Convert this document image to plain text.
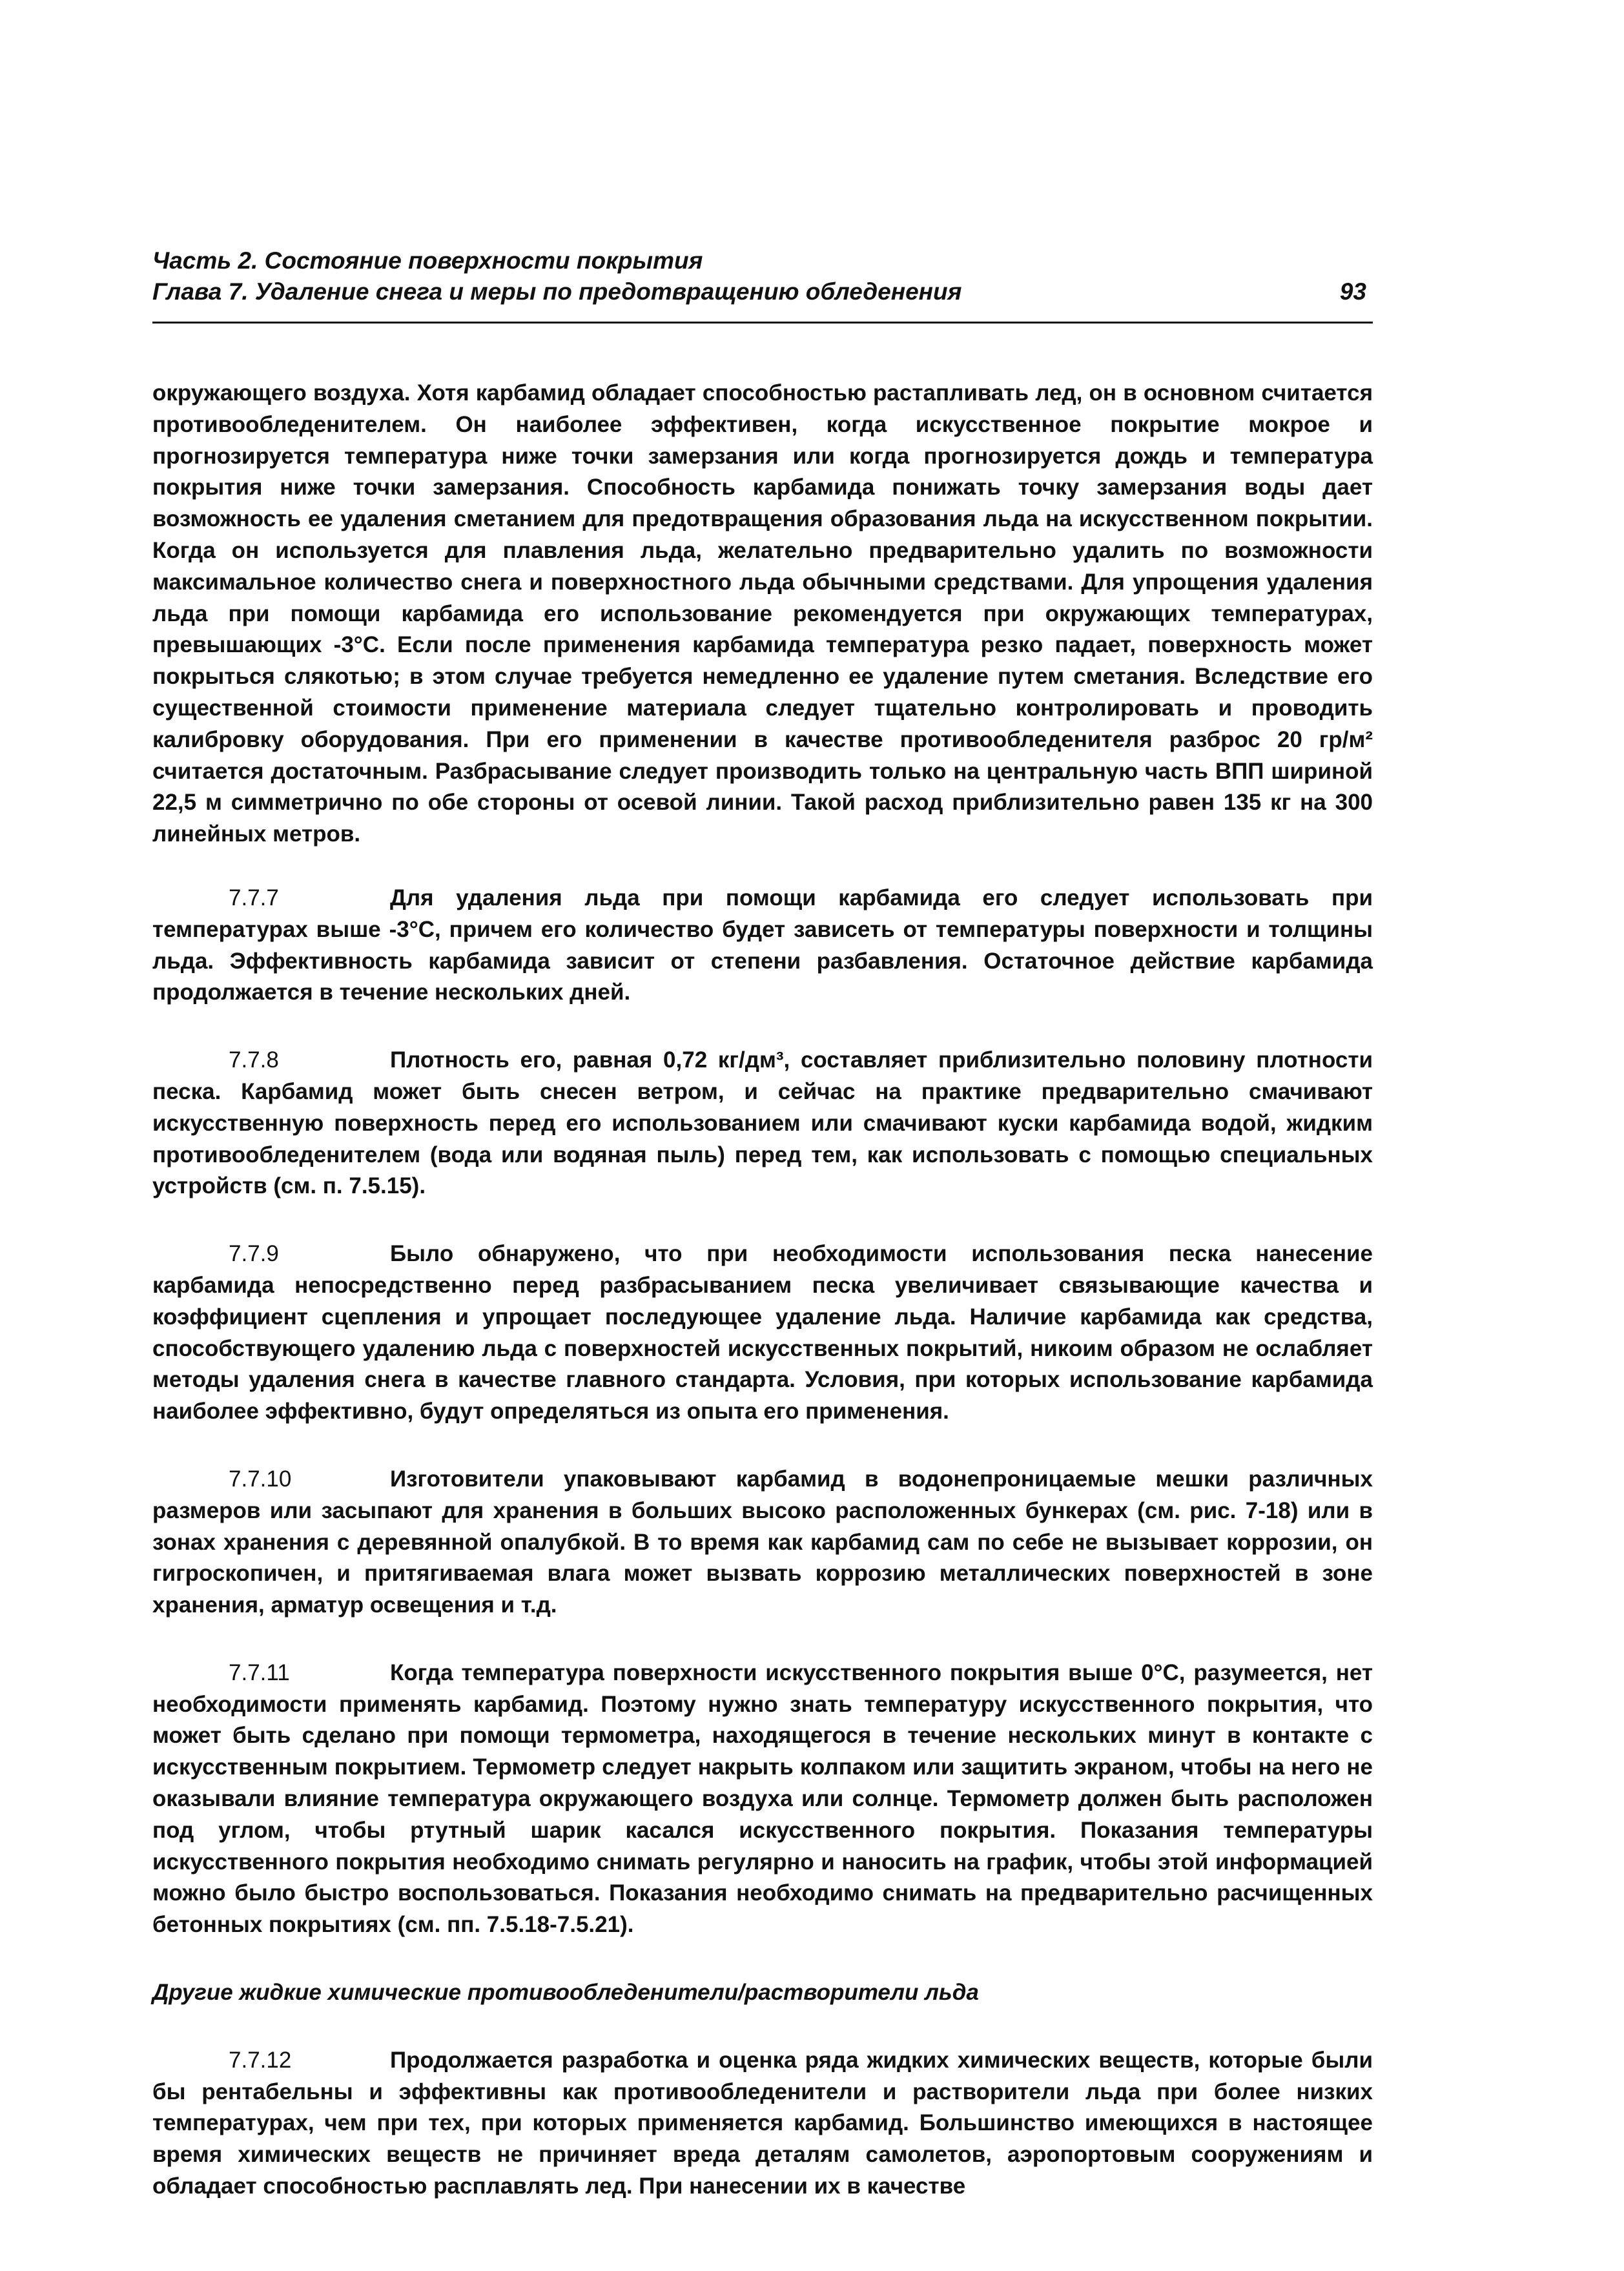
Часть 2. Состояние поверхности покрытия
Глава 7. Удаление снега и меры по предотвращению обледенения	93

окружающего воздуха. Хотя карбамид обладает способностью растапливать лед, он в основном считается противообледенителем. Он наиболее эффективен, когда искусственное покрытие мокрое и прогнозируется температура ниже точки замерзания или когда прогнозируется дождь и температура покрытия ниже точки замерзания. Способность карбамида понижать точку замерзания воды дает возможность ее удаления сметанием для предотвращения образования льда на искусственном покрытии. Когда он используется для плавления льда, желательно предварительно удалить по возможности максимальное количество снега и поверхностного льда обычными средствами. Для упрощения удаления льда при помощи карбамида его использование рекомендуется при окружающих температурах, превышающих -3°С. Если после применения карбамида температура резко падает, поверхность может покрыться слякотью; в этом случае требуется немедленно ее удаление путем сметания. Вследствие его существенной стоимости применение материала следует тщательно контролировать и проводить калибровку оборудования. При его применении в качестве противообледенителя разброс 20 гр/м² считается достаточным. Разбрасывание следует производить только на центральную часть ВПП шириной 22,5 м симметрично по обе стороны от осевой линии. Такой расход приблизительно равен 135 кг на 300 линейных метров.

7.7.7	Для удаления льда при помощи карбамида его следует использовать при температурах выше -3°С, причем его количество будет зависеть от температуры поверхности и толщины льда. Эффективность карбамида зависит от степени разбавления. Остаточное действие карбамида продолжается в течение нескольких дней.

7.7.8	Плотность его, равная 0,72 кг/дм³, составляет приблизительно половину плотности песка. Карбамид может быть снесен ветром, и сейчас на практике предварительно смачивают искусственную поверхность перед его использованием или смачивают куски карбамида водой, жидким противообледенителем (вода или водяная пыль) перед тем, как использовать с помощью специальных устройств (см. п. 7.5.15).

7.7.9	Было обнаружено, что при необходимости использования песка нанесение карбамида непосредственно перед разбрасыванием песка увеличивает связывающие качества и коэффициент сцепления и упрощает последующее удаление льда. Наличие карбамида как средства, способствующего удалению льда с поверхностей искусственных покрытий, никоим образом не ослабляет методы удаления снега в качестве главного стандарта. Условия, при которых использование карбамида наиболее эффективно, будут определяться из опыта его применения.

7.7.10	Изготовители упаковывают карбамид в водонепроницаемые мешки различных размеров или засыпают для хранения в больших высоко расположенных бункерах (см. рис. 7-18) или в зонах хранения с деревянной опалубкой. В то время как карбамид сам по себе не вызывает коррозии, он гигроскопичен, и притягиваемая влага может вызвать коррозию металлических поверхностей в зоне хранения, арматур освещения и т.д.

7.7.11	Когда температура поверхности искусственного покрытия выше 0°С, разумеется, нет необходимости применять карбамид. Поэтому нужно знать температуру искусственного покрытия, что может быть сделано при помощи термометра, находящегося в течение нескольких минут в контакте с искусственным покрытием. Термометр следует накрыть колпаком или защитить экраном, чтобы на него не оказывали влияние температура окружающего воздуха или солнце. Термометр должен быть расположен под углом, чтобы ртутный шарик касался искусственного покрытия. Показания температуры искусственного покрытия необходимо снимать регулярно и наносить на график, чтобы этой информацией можно было быстро воспользоваться. Показания необходимо снимать на предварительно расчищенных бетонных покрытиях (см. пп. 7.5.18-7.5.21).

Другие жидкие химические противообледенители/растворители льда

7.7.12	Продолжается разработка и оценка ряда жидких химических веществ, которые были бы рентабельны и эффективны как противообледенители и растворители льда при более низких температурах, чем при тех, при которых применяется карбамид. Большинство имеющихся в настоящее время химических веществ не причиняет вреда деталям самолетов, аэропортовым сооружениям и обладает способностью расплавлять лед. При нанесении их в качестве
